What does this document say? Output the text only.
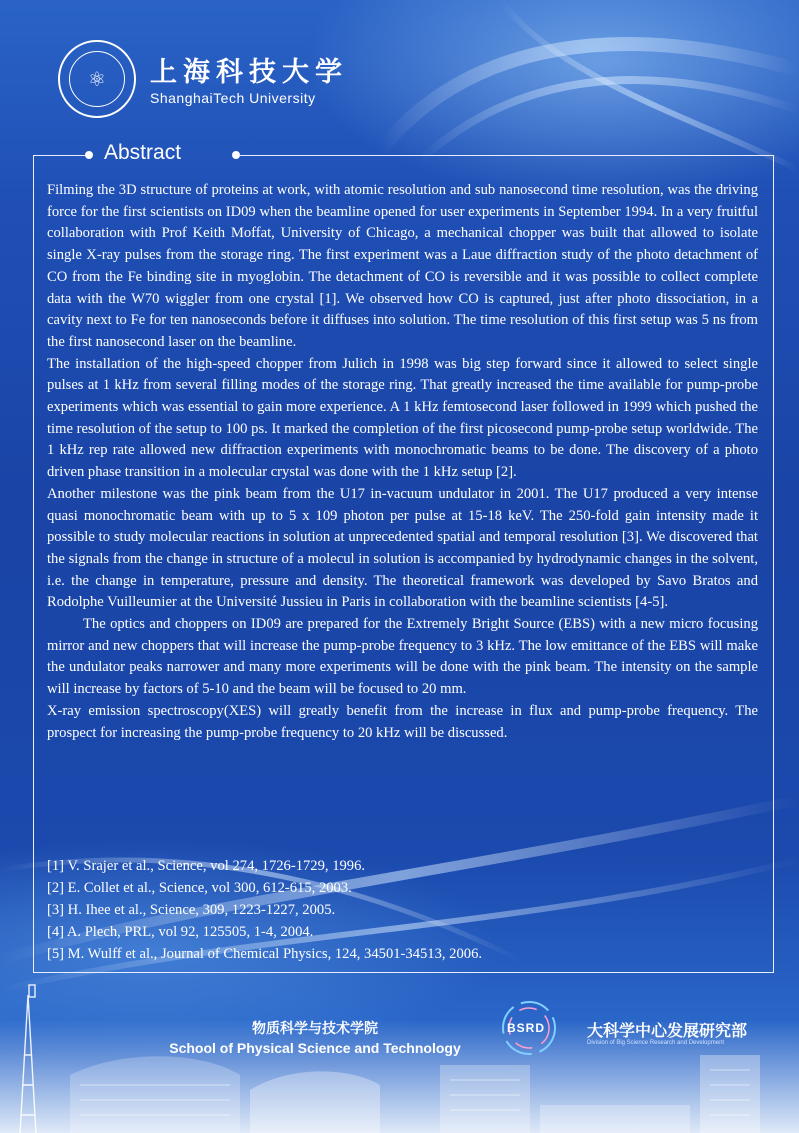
⚛	上海科技大学
ShanghaiTech University
Abstract

Filming the 3D structure of proteins at work, with atomic resolution and sub nanosecond time resolution, was the driving force for the first scientists on ID09 when the beamline opened for user experiments in September 1994. In a very fruitful collaboration with Prof Keith Moffat, University of Chicago, a mechanical chopper was built that allowed to isolate single X-ray pulses from the storage ring. The first experiment was a Laue diffraction study of the photo detachment of CO from the Fe binding site in myoglobin. The detachment of CO is reversible and it was possible to collect complete data with the W70 wiggler from one crystal [1]. We observed how CO is captured, just after photo dissociation, in a cavity next to Fe for ten nanoseconds before it diffuses into solution. The time resolution of this first setup was 5 ns from the first nanosecond laser on the beamline.

The installation of the high-speed chopper from Julich in 1998 was big step forward since it allowed to select single pulses at 1 kHz from several filling modes of the storage ring. That greatly increased the time available for pump-probe experiments which was essential to gain more experience. A 1 kHz femtosecond laser followed in 1999 which pushed the time resolution of the setup to 100 ps. It marked the completion of the first picosecond pump-probe setup worldwide. The 1 kHz rep rate allowed new diffraction experiments with monochromatic beams to be done. The discovery of a photo driven phase transition in a molecular crystal was done with the 1 kHz setup [2].

Another milestone was the pink beam from the U17 in-vacuum undulator in 2001. The U17 produced a very intense quasi monochromatic beam with up to 5 x 109 photon per pulse at 15-18 keV. The 250-fold gain intensity made it possible to study molecular reactions in solution at unprecedented spatial and temporal resolution [3]. We discovered that the signals from the change in structure of a molecul in solution is accompanied by hydrodynamic changes in the solvent, i.e. the change in temperature, pressure and density. The theoretical framework was developed by Savo Bratos and Rodolphe Vuilleumier at the Université Jussieu in Paris in collaboration with the beamline scientists [4-5].

The optics and choppers on ID09 are prepared for the Extremely Bright Source (EBS) with a new micro focusing mirror and new choppers that will increase the pump-probe frequency to 3 kHz. The low emittance of the EBS will make the undulator peaks narrower and many more experiments will be done with the pink beam. The intensity on the sample will increase by factors of 5-10 and the beam will be focused to 20 mm.

X-ray emission spectroscopy(XES) will greatly benefit from the increase in flux and pump-probe frequency. The prospect for increasing the pump-probe frequency to 20 kHz will be discussed.

[1] V. Srajer et al., Science, vol 274, 1726-1729, 1996.
[2] E. Collet et al., Science, vol 300, 612-615, 2003.
[3] H. Ihee et al., Science, 309, 1223-1227, 2005.
[4] A. Plech, PRL, vol 92, 125505, 1-4, 2004.
[5] M. Wulff et al., Journal of Chemical Physics, 124, 34501-34513, 2006.
物质科学与技术学院
School of Physical Science and Technology
BSRD	大科学中心发展研究部
Division of Big Science Research and Development
